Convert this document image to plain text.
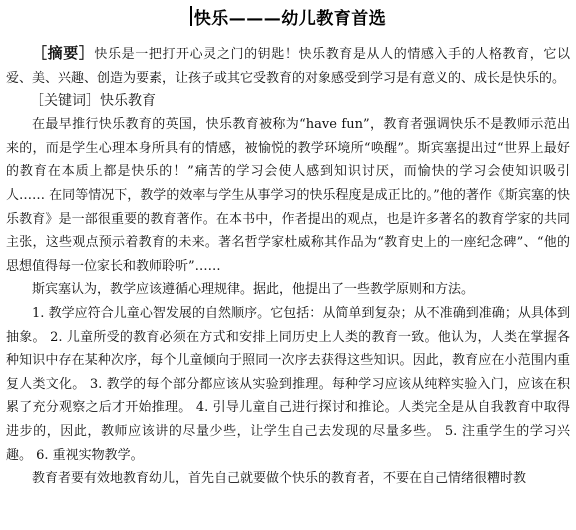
快乐———幼儿教育首选

［摘要］快乐是一把打开心灵之门的钥匙！快乐教育是从人的情感入手的人格教育，它以爱、美、兴趣、创造为要素，让孩子或其它受教育的对象感受到学习是有意义的、成长是快乐的。

［关键词］快乐教育

在最早推行快乐教育的英国，快乐教育被称为“have fun”，教育者强调快乐不是教师示范出来的，而是学生心理本身所具有的情感，被愉悦的教学环境所“唤醒”。斯宾塞提出过“世界上最好的教育在本质上都是快乐的！”痛苦的学习会使人感到知识讨厌，而愉快的学习会使知识吸引人…… 在同等情况下，教学的效率与学生从事学习的快乐程度是成正比的。”他的著作《斯宾塞的快乐教育》是一部很重要的教育著作。在本书中，作者提出的观点，也是许多著名的教育学家的共同主张，这些观点预示着教育的未来。著名哲学家杜威称其作品为“教育史上的一座纪念碑”、“他的思想值得每一位家长和教师聆听”……

斯宾塞认为，教学应该遵循心理规律。据此，他提出了一些教学原则和方法。

1. 教学应符合儿童心智发展的自然顺序。它包括：从简单到复杂；从不准确到准确；从具体到抽象。 2. 儿童所受的教育必须在方式和安排上同历史上人类的教育一致。他认为，人类在掌握各种知识中存在某种次序，每个儿童倾向于照同一次序去获得这些知识。因此，教育应在小范围内重复人类文化。 3. 教学的每个部分都应该从实验到推理。每种学习应该从纯粹实验入门，应该在积累了充分观察之后才开始推理。 4. 引导儿童自己进行探讨和推论。人类完全是从自我教育中取得进步的，因此，教师应该讲的尽量少些，让学生自己去发现的尽量多些。 5. 注重学生的学习兴趣。 6. 重视实物教学。

教育者要有效地教育幼儿，首先自己就要做个快乐的教育者，不要在自己情绪很糟时教
